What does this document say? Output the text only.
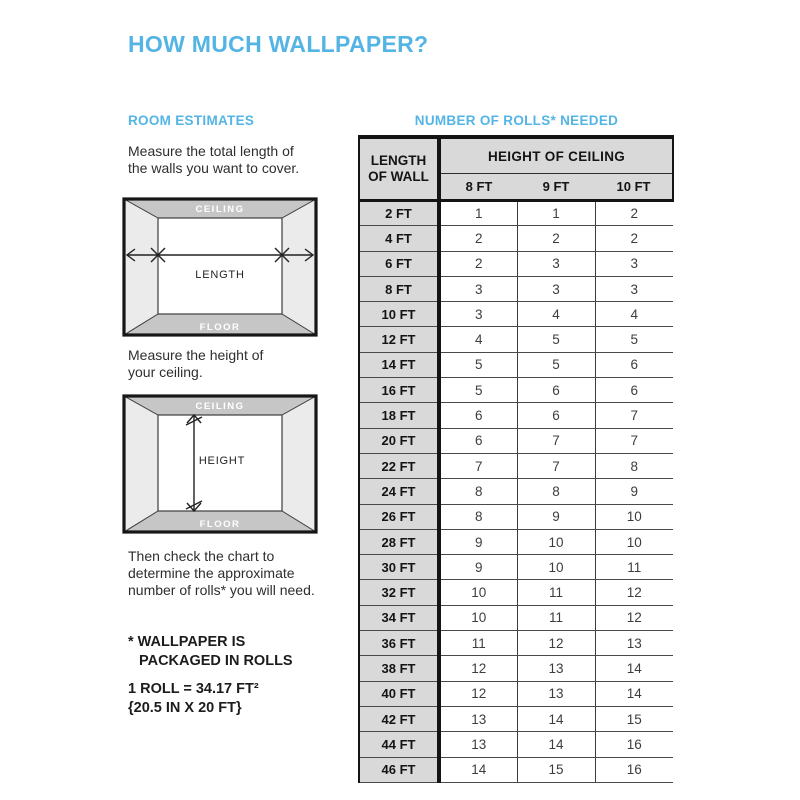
HOW MUCH WALLPAPER?
ROOM ESTIMATES
Measure the total length of
the walls you want to cover.
CEILING
FLOOR
LENGTH
Measure the height of
your ceiling.
CEILING
FLOOR
HEIGHT
Then check the chart to
determine the approximate
number of rolls* you will need.
* WALLPAPER IS
PACKAGED IN ROLLS
1 ROLL = 34.17 FT²
{20.5 IN X 20 FT}
NUMBER OF ROLLS* NEEDED
LENGTH
OF WALL	HEIGHT OF CEILING		
	8 FT	9 FT	10 FT
2 FT	1	1	2
4 FT	2	2	2
6 FT	2	3	3
8 FT	3	3	3
10 FT	3	4	4
12 FT	4	5	5
14 FT	5	5	6
16 FT	5	6	6
18 FT	6	6	7
20 FT	6	7	7
22 FT	7	7	8
24 FT	8	8	9
26 FT	8	9	10
28 FT	9	10	10
30 FT	9	10	11
32 FT	10	11	12
34 FT	10	11	12
36 FT	11	12	13
38 FT	12	13	14
40 FT	12	13	14
42 FT	13	14	15
44 FT	13	14	16
46 FT	14	15	16
